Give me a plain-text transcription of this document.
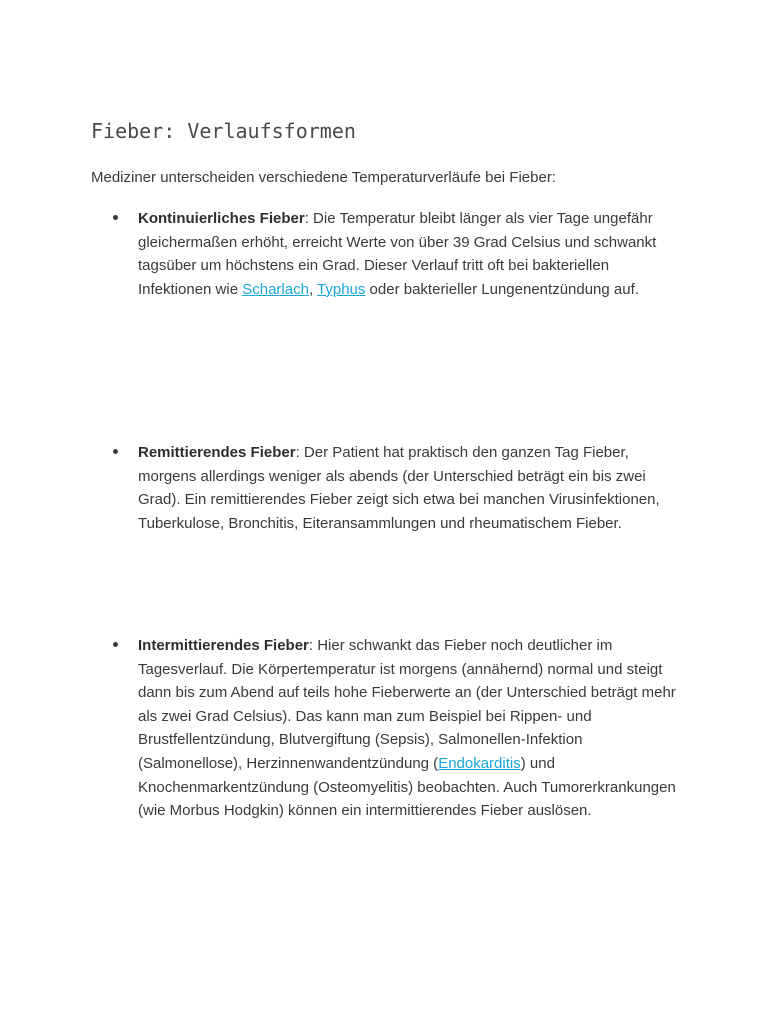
Fieber: Verlaufsformen

Mediziner unterscheiden verschiedene Temperaturverläufe bei Fieber:

Kontinuierliches Fieber: Die Temperatur bleibt länger als vier Tage ungefähr gleichermaßen erhöht, erreicht Werte von über 39 Grad Celsius und schwankt tagsüber um höchstens ein Grad. Dieser Verlauf tritt oft bei bakteriellen Infektionen wie Scharlach, Typhus oder bakterieller Lungenentzündung auf.

Remittierendes Fieber: Der Patient hat praktisch den ganzen Tag Fieber, morgens allerdings weniger als abends (der Unterschied beträgt ein bis zwei Grad). Ein remittierendes Fieber zeigt sich etwa bei manchen Virusinfektionen, Tuberkulose, Bronchitis, Eiteransammlungen und rheumatischem Fieber.

Intermittierendes Fieber: Hier schwankt das Fieber noch deutlicher im Tagesverlauf. Die Körpertemperatur ist morgens (annähernd) normal und steigt dann bis zum Abend auf teils hohe Fieberwerte an (der Unterschied beträgt mehr als zwei Grad Celsius). Das kann man zum Beispiel bei Rippen- und Brustfellentzündung, Blutvergiftung (Sepsis), Salmonellen-Infektion (Salmonellose), Herzinnenwandentzündung (Endokarditis) und Knochenmarkentzündung (Osteomyelitis) beobachten. Auch Tumorerkrankungen (wie Morbus Hodgkin) können ein intermittierendes Fieber auslösen.
